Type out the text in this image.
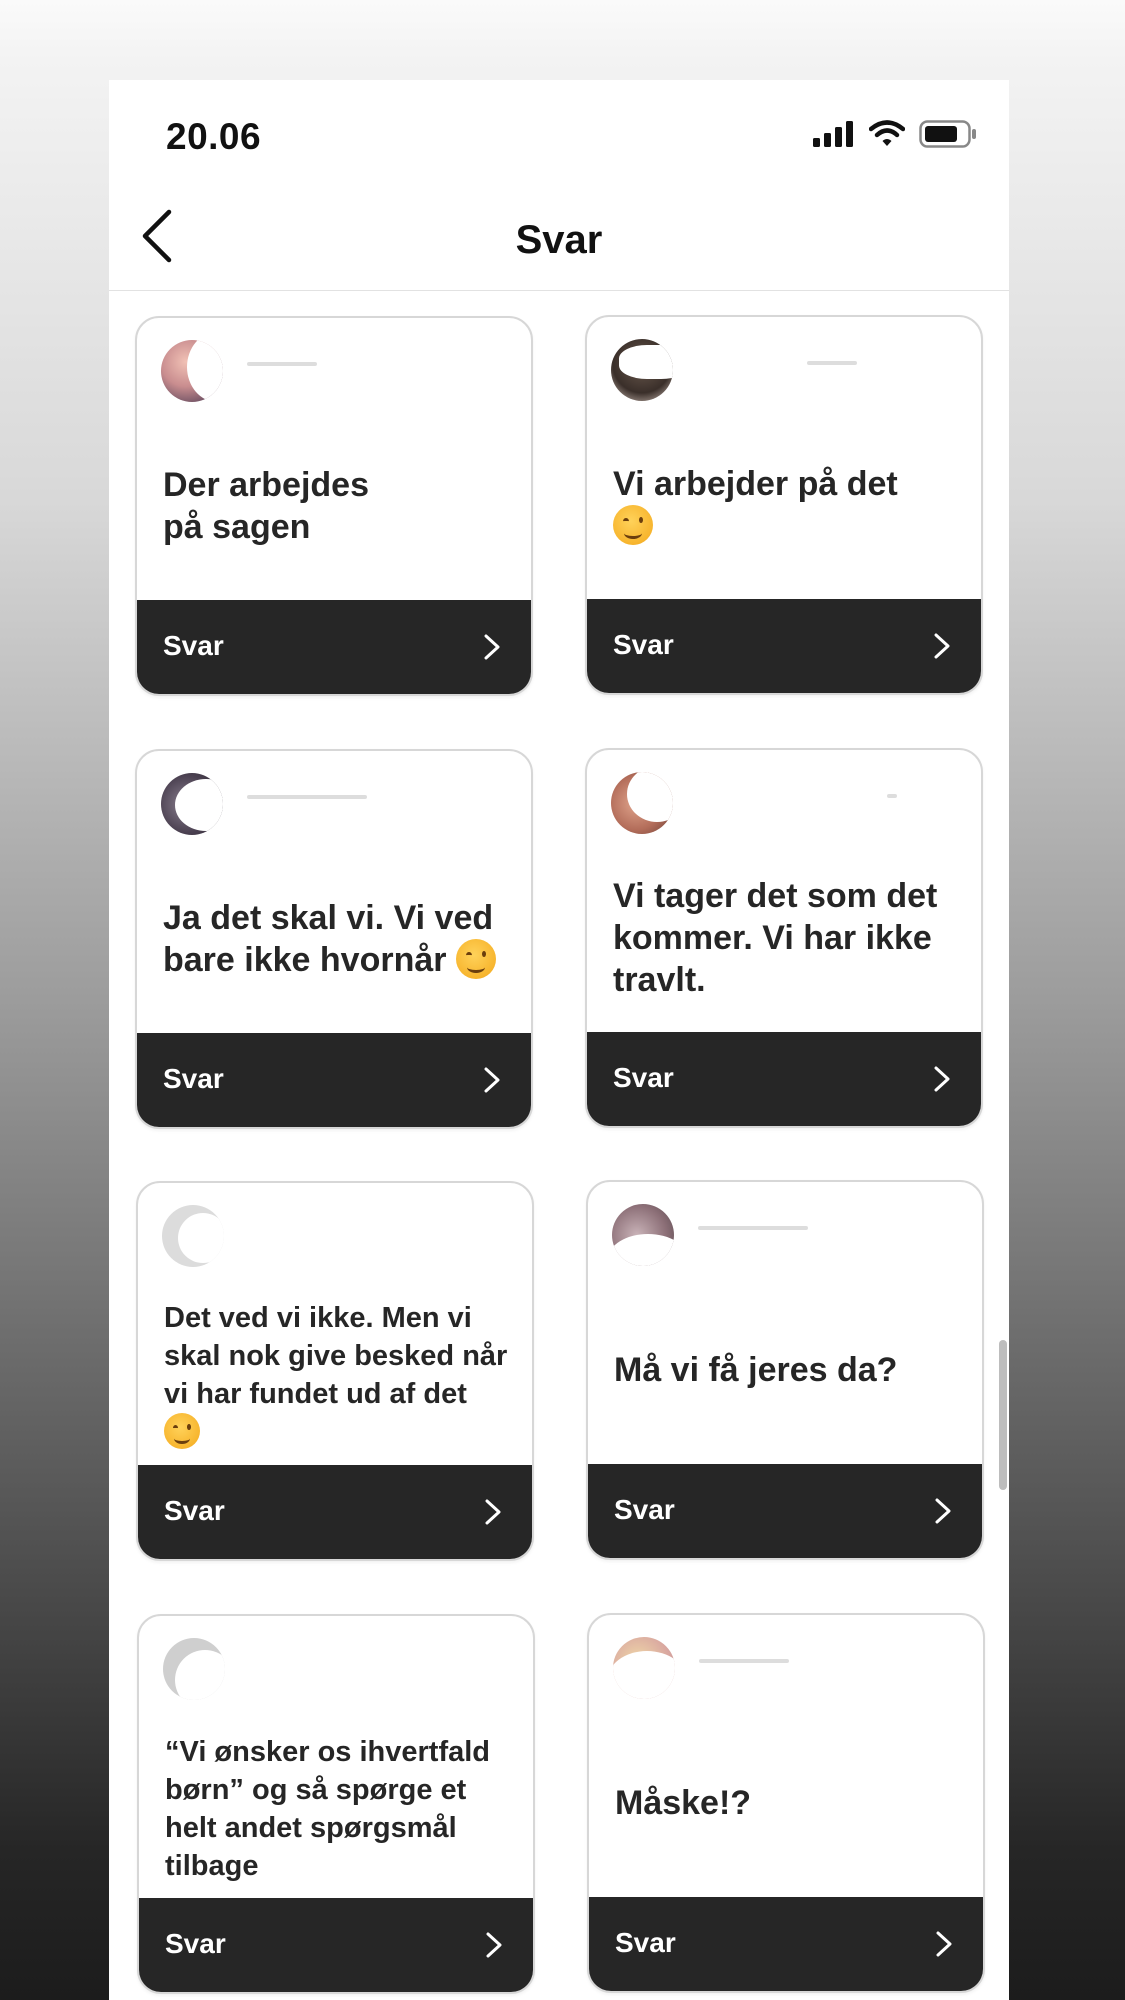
20.06
Svar

Der arbejdes
på sagen

Svar

Vi arbejder på det

Svar

Ja det skal vi. Vi ved bare ikke hvornår

Svar

Vi tager det som det kommer. Vi har ikke travlt.

Svar

Det ved vi ikke. Men vi skal nok give besked når vi har fundet ud af det

Svar

Må vi få jeres da?

Svar

“Vi ønsker os ihvertfald børn” og så spørge et helt andet spørgsmål tilbage

Svar

Måske!?

Svar
